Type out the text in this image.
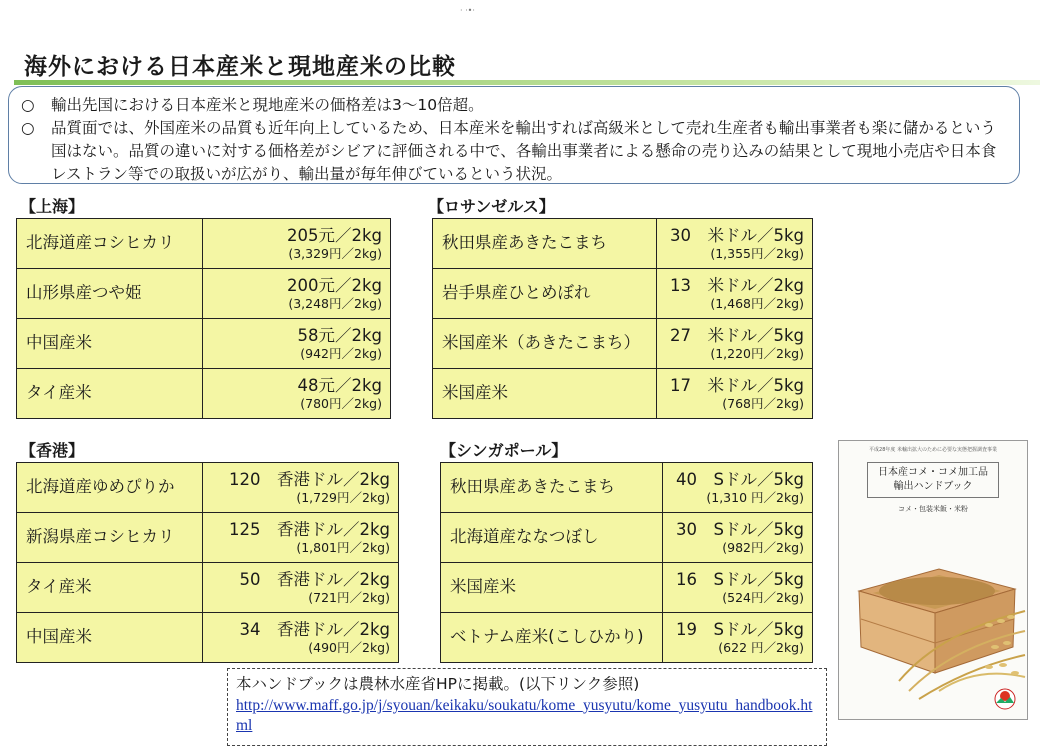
· ·•·
海外における日本産米と現地産米の比較
○	輸出先国における日本産米と現地産米の価格差は3～10倍超。
○	品質面では、外国産米の品質も近年向上しているため、日本産米を輸出すれば高級米として売れ生産者も輸出事業者も楽に儲かるという国はない。品質の違いに対する価格差がシビアに評価される中で、各輸出事業者による懸命の売り込みの結果として現地小売店や日本食レストラン等での取扱いが広がり、輸出量が毎年伸びているという状況。
【上海】
北海道産コシヒカリ	205元／2kg
(3,329円／2kg)

山形県産つや姫	200元／2kg
(3,248円／2kg)

中国産米	58元／2kg
(942円／2kg)

タイ産米	48元／2kg
(780円／2kg)
【ロサンゼルス】
秋田県産あきたこまち	30　米ドル／5kg
(1,355円／2kg)

岩手県産ひとめぼれ	13　米ドル／2kg
(1,468円／2kg)

米国産米（あきたこまち）	27　米ドル／5kg
(1,220円／2kg)

米国産米	17　米ドル／5kg
(768円／2kg)
【香港】
北海道産ゆめぴりか	120　香港ドル／2kg
(1,729円／2kg)

新潟県産コシヒカリ	125　香港ドル／2kg
(1,801円／2kg)

タイ産米	50　香港ドル／2kg
(721円／2kg)

中国産米	34　香港ドル／2kg
(490円／2kg)
【シンガポール】
秋田県産あきたこまち	40　Sドル／5kg
(1,310 円／2kg)

北海道産ななつぼし	30　Sドル／5kg
(982円／2kg)

米国産米	16　Sドル／5kg
(524円／2kg)

ベトナム産米(こしひかり)	19　Sドル／5kg
(622 円／2kg)
本ハンドブックは農林水産省HPに掲載。(以下リンク参照)
http://www.maff.go.jp/j/syouan/keikaku/soukatu/kome_yusyutu/kome_yusyutu_handbook.html
平成28年度 米輸出拡大のために必要な実態把握調査事業
日本産コメ・コメ加工品
輸出ハンドブック
コメ・包装米飯・米粉
